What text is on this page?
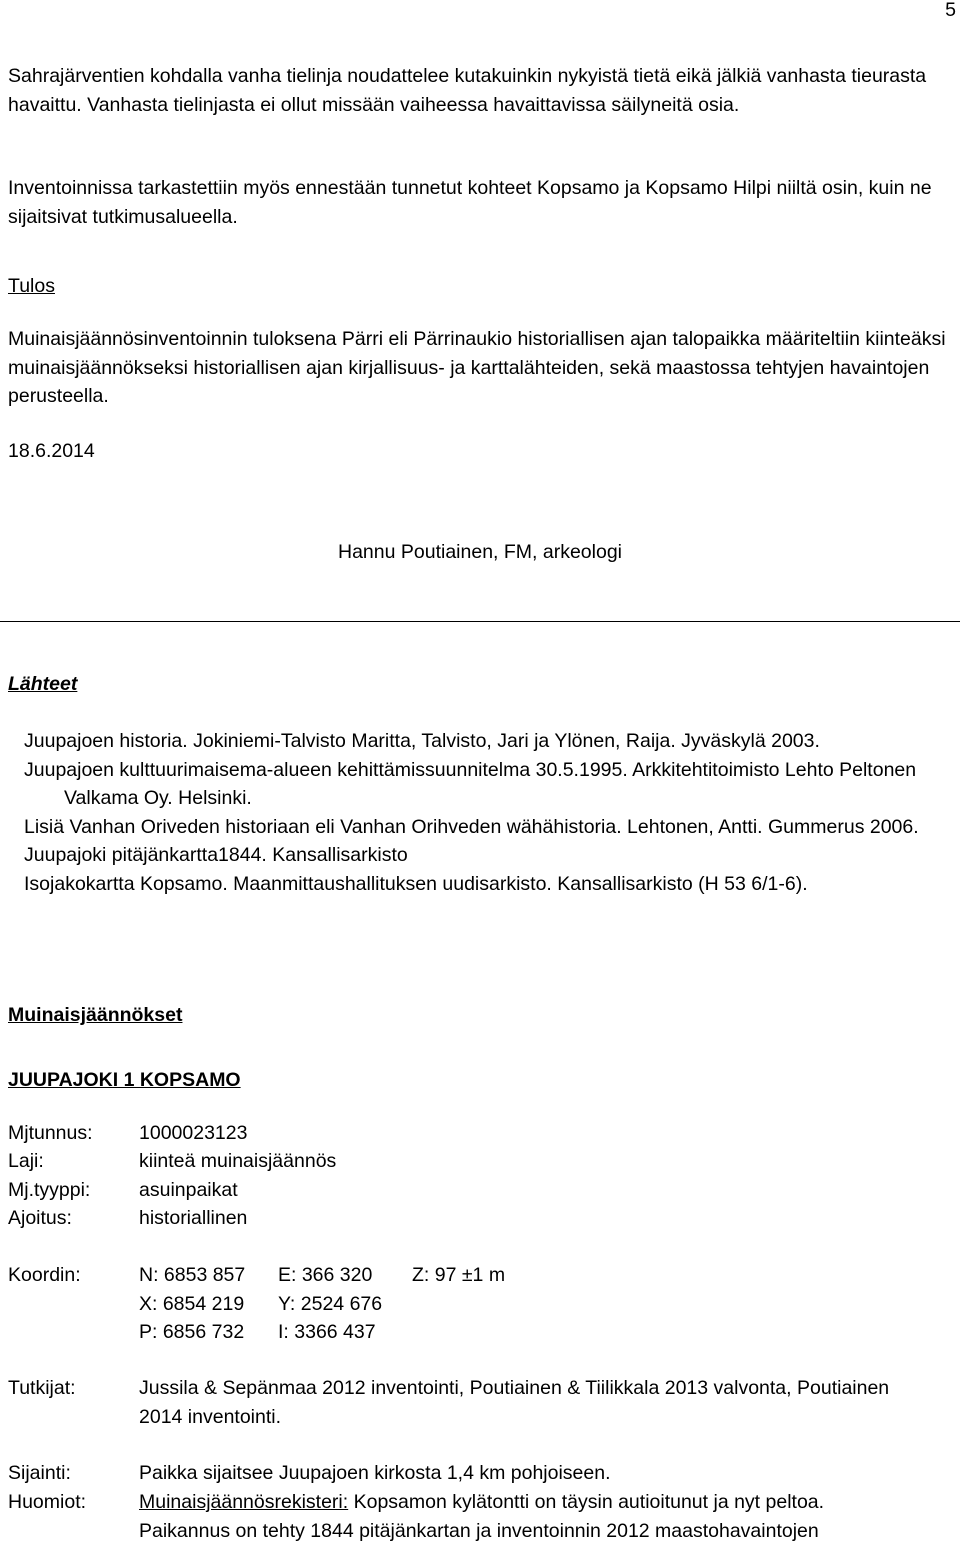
5

Sahrajärventien kohdalla vanha tielinja noudattelee kutakuinkin nykyistä tietä eikä jälkiä vanhasta tieurasta havaittu. Vanhasta tielinjasta ei ollut missään vaiheessa havaittavissa säilyneitä osia.

Inventoinnissa tarkastettiin myös ennestään tunnetut kohteet Kopsamo ja Kopsamo Hilpi niiltä osin, kuin ne sijaitsivat tutkimusalueella.

Tulos

Muinaisjäännösinventoinnin tuloksena Pärri eli Pärrinaukio historiallisen ajan talopaikka määriteltiin kiinteäksi muinaisjäännökseksi historiallisen ajan kirjallisuus- ja karttalähteiden, sekä maastossa tehtyjen havaintojen perusteella.

18.6.2014
Hannu Poutiainen, FM, arkeologi
Lähteet

Juupajoen historia. Jokiniemi-Talvisto Maritta, Talvisto, Jari ja Ylönen, Raija. Jyväskylä 2003.

Juupajoen kulttuurimaisema-alueen kehittämissuunnitelma 30.5.1995. Arkkitehtitoimisto Lehto Peltonen Valkama Oy. Helsinki.

Lisiä Vanhan Oriveden historiaan eli Vanhan Orihveden wähähistoria. Lehtonen, Antti. Gummerus 2006.

Juupajoki pitäjänkartta1844. Kansallisarkisto

Isojakokartta Kopsamo. Maanmittaushallituksen uudisarkisto. Kansallisarkisto (H 53 6/1-6).

Muinaisjäännökset
JUUPAJOKI 1 KOPSAMO
Mjtunnus: 1000023123
Laji:	kiinteä muinaisjäännös
Mj.tyyppi: asuinpaikat
Ajoitus:	historiallinen
Koordin:	N: 6853 857 E: 366 320 Z: 97 ±1 m
X: 6854 219 Y: 2524 676
P: 6856 732 I: 3366 437
Tutkijat:	Jussila & Sepänmaa 2012 inventointi, Poutiainen & Tiilikkala 2013 valvonta, Poutiainen 2014 inventointi.
Sijainti:	Paikka sijaitsee Juupajoen kirkosta 1,4 km pohjoiseen.
Huomiot:	Muinaisjäännösrekisteri: Kopsamon kylätontti on täysin autioitunut ja nyt peltoa.
Paikannus on tehty 1844 pitäjänkartan ja inventoinnin 2012 maastohavaintojen
